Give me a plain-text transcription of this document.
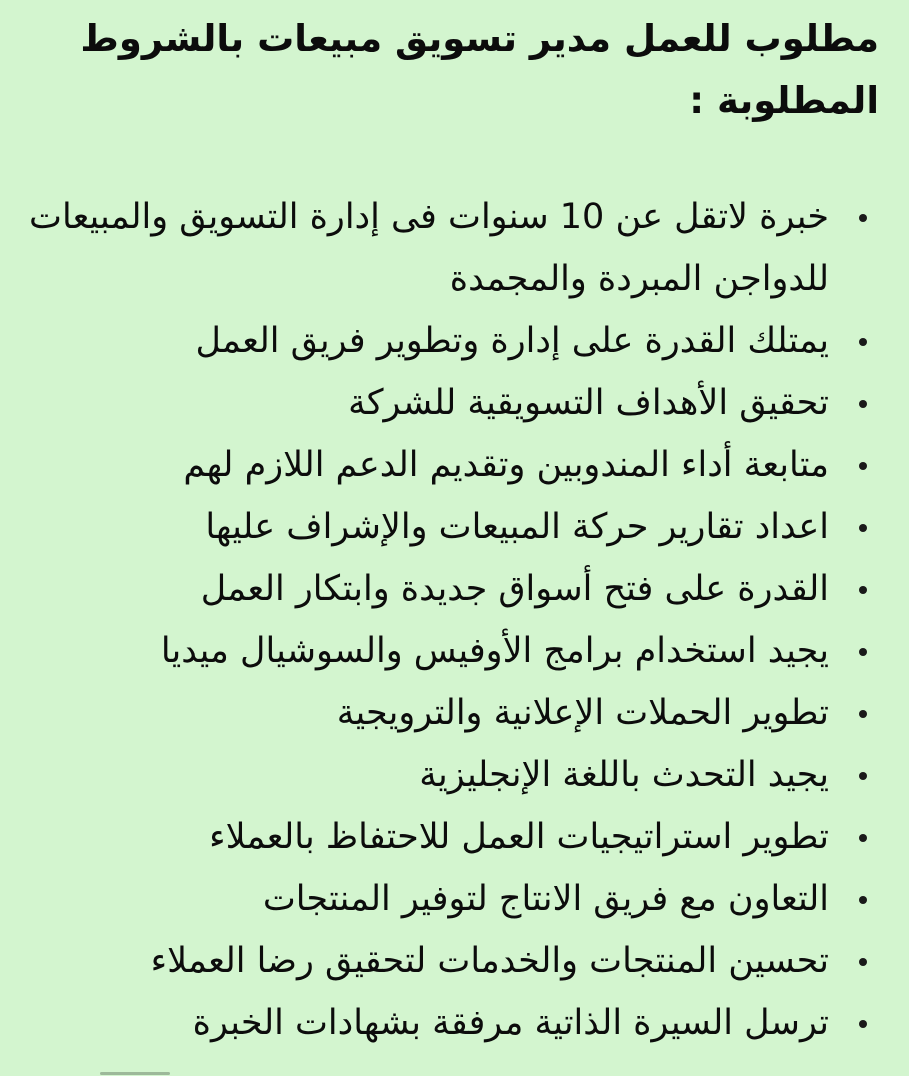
مطلوب للعمل مدير تسويق مبيعات بالشروط المطلوبة :
خبرة لاتقل عن 10 سنوات فى إدارة التسويق والمبيعات للدواجن المبردة والمجمدة
يمتلك القدرة على إدارة وتطوير فريق العمل
تحقيق الأهداف التسويقية للشركة
متابعة أداء المندوبين وتقديم الدعم اللازم لهم
اعداد تقارير حركة المبيعات والإشراف عليها
القدرة على فتح أسواق جديدة وابتكار العمل
يجيد استخدام برامج الأوفيس والسوشيال ميديا
تطوير الحملات الإعلانية والترويجية
يجيد التحدث باللغة الإنجليزية
تطوير استراتيجيات العمل للاحتفاظ بالعملاء
التعاون مع فريق الانتاج لتوفير المنتجات
تحسين المنتجات والخدمات لتحقيق رضا العملاء
ترسل السيرة الذاتية مرفقة بشهادات الخبرة
